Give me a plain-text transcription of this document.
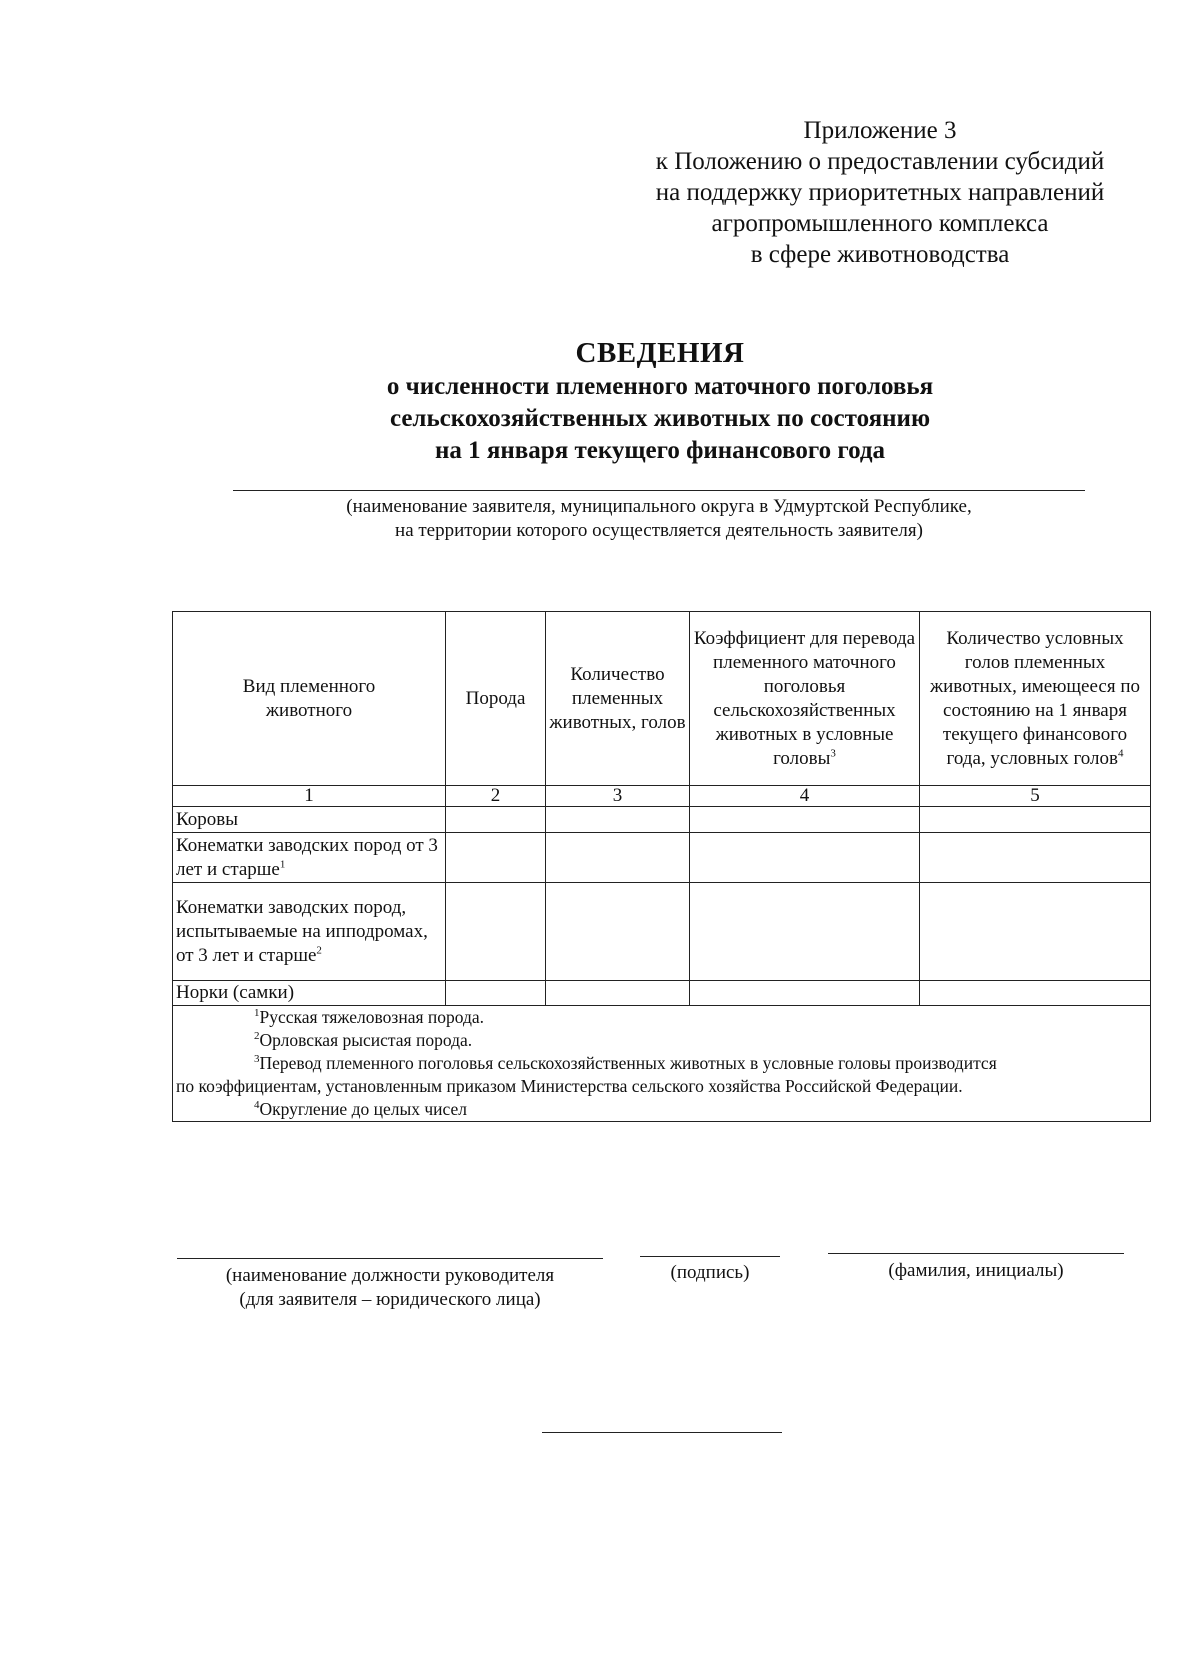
Приложение 3
к Положению о предоставлении субсидий
на поддержку приоритетных направлений
агропромышленного комплекса
в сфере животноводства
СВЕДЕНИЯ
о численности племенного маточного поголовья
сельскохозяйственных животных по состоянию
на 1 января текущего финансового года
(наименование заявителя, муниципального округа в Удмуртской Республике,
на территории которого осуществляется деятельность заявителя)
Вид племенного животного	Порода	Количество племенных животных, голов	Коэффициент для перевода племенного маточного поголовья сельскохозяйственных животных в условные головы$^3$	Количество условных голов племенных животных, имеющееся по состоянию на 1 января текущего финансового года, условных голов$^4$
1	2	3	4	5
Коровы				
Конематки заводских пород от 3 лет и старше$^1$				
Конематки заводских пород, испытываемые на ипподромах, от 3 лет и старше$^2$				
Норки (самки)				

$^1$Русская тяжеловозная порода.
$^2$Орловская рысистая порода.
$^3$Перевод племенного поголовья сельскохозяйственных животных в условные головы производится
по коэффициентам, установленным приказом Министерства сельского хозяйства Российской Федерации.
$^4$Округление до целых чисел				
(наименование должности руководителя
(для заявителя – юридического лица)
(подпись)	(фамилия, инициалы)
